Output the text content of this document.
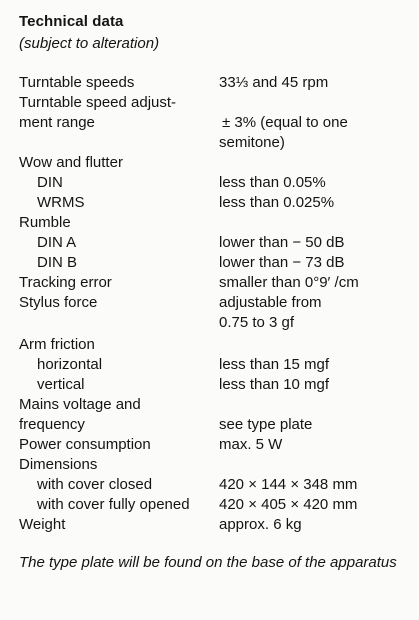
Technical data
(subject to alteration)
Turntable speeds	33⅓ and 45 rpm
Turntable speed adjust-
ment range	± 3% (equal to one
semitone)
Wow and flutter
DIN	less than 0.05%
WRMS	less than 0.025%
Rumble
DIN A	lower than − 50 dB
DIN B	lower than − 73 dB
Tracking error	smaller than 0°9′ /cm
Stylus force	adjustable from
0.75 to 3 gf
Arm friction
horizontal	less than 15 mgf
vertical	less than 10 mgf
Mains voltage and
frequency	see type plate
Power consumption	max. 5 W
Dimensions
with cover closed	420 × 144 × 348 mm
with cover fully opened 420 × 405 × 420 mm
Weight	approx. 6 kg
The type plate will be found on the base of the apparatus
